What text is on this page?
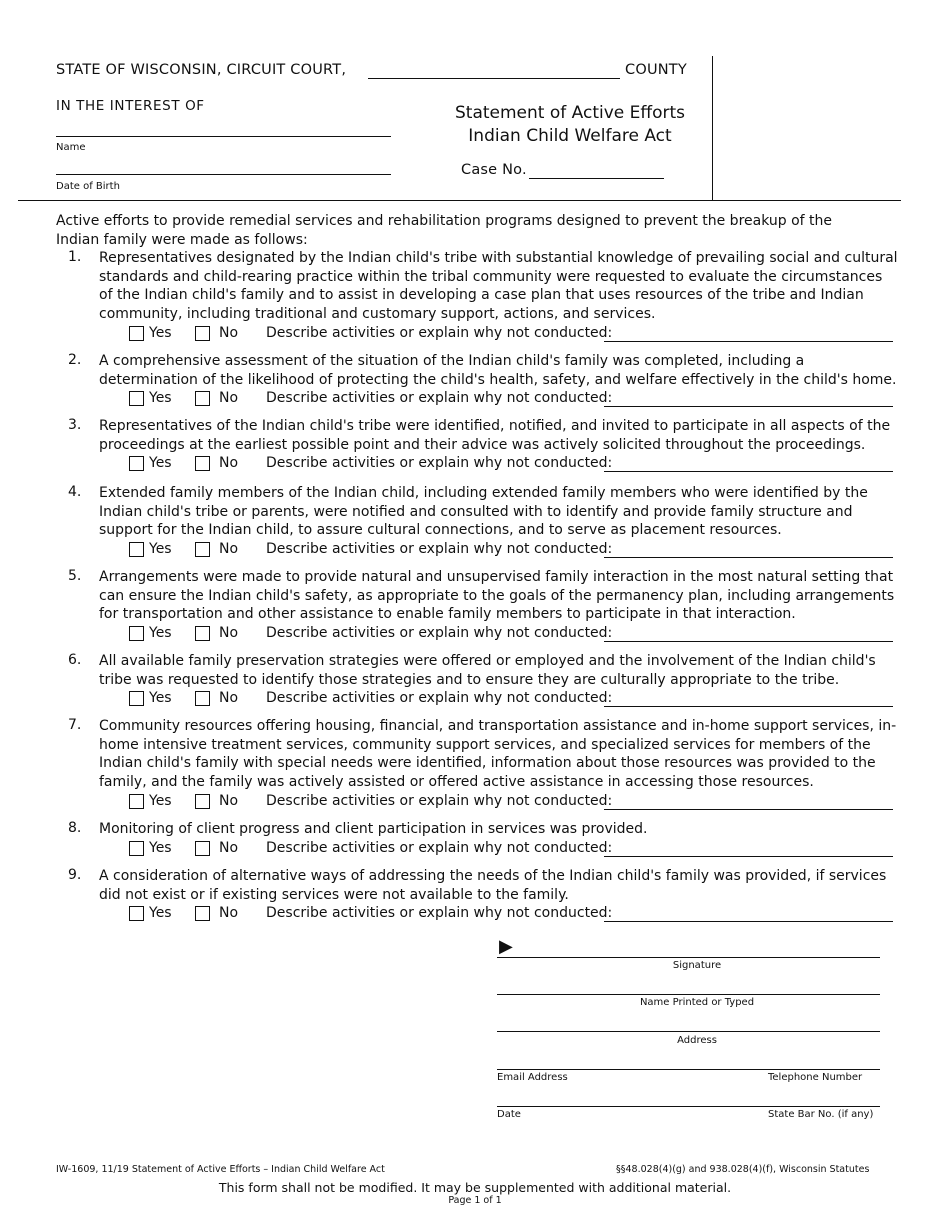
STATE OF WISCONSIN, CIRCUIT COURT,	COUNTY
IN THE INTEREST OF
Name
Date of Birth
Statement of Active Efforts
Indian Child Welfare Act
Case No.
Active efforts to provide remedial services and rehabilitation programs designed to prevent the breakup of the Indian family were made as follows:
1.	Representatives designated by the Indian child's tribe with substantial knowledge of prevailing social and cultural standards and child-rearing practice within the tribal community were requested to evaluate the circumstances of the Indian child's family and to assist in developing a case plan that uses resources of the tribe and Indian community, including traditional and customary support, actions, and services.
Yes	No Describe activities or explain why not conducted:
2.	A comprehensive assessment of the situation of the Indian child's family was completed, including a determination of the likelihood of protecting the child's health, safety, and welfare effectively in the child's home.
Yes	No Describe activities or explain why not conducted:
3.	Representatives of the Indian child's tribe were identified, notified, and invited to participate in all aspects of the proceedings at the earliest possible point and their advice was actively solicited throughout the proceedings.
Yes	No Describe activities or explain why not conducted:
4.	Extended family members of the Indian child, including extended family members who were identified by the Indian child's tribe or parents, were notified and consulted with to identify and provide family structure and support for the Indian child, to assure cultural connections, and to serve as placement resources.
Yes	No Describe activities or explain why not conducted:
5.	Arrangements were made to provide natural and unsupervised family interaction in the most natural setting that can ensure the Indian child's safety, as appropriate to the goals of the permanency plan, including arrangements for transportation and other assistance to enable family members to participate in that interaction.
Yes	No Describe activities or explain why not conducted:
6.	All available family preservation strategies were offered or employed and the involvement of the Indian child's tribe was requested to identify those strategies and to ensure they are culturally appropriate to the tribe.
Yes	No Describe activities or explain why not conducted:
7.	Community resources offering housing, financial, and transportation assistance and in-home support services, in-home intensive treatment services, community support services, and specialized services for members of the Indian child's family with special needs were identified, information about those resources was provided to the family, and the family was actively assisted or offered active assistance in accessing those resources.
Yes	No Describe activities or explain why not conducted:
8.	Monitoring of client progress and client participation in services was provided.
Yes	No Describe activities or explain why not conducted:
9.	A consideration of alternative ways of addressing the needs of the Indian child's family was provided, if services did not exist or if existing services were not available to the family.
Yes	No Describe activities or explain why not conducted:
▶
Signature
Name Printed or Typed
Address
Email Address	Telephone Number
Date	State Bar No. (if any)
IW-1609, 11/19 Statement of Active Efforts – Indian Child Welfare Act	§§48.028(4)(g) and 938.028(4)(f), Wisconsin Statutes
This form shall not be modified. It may be supplemented with additional material.
Page 1 of 1
